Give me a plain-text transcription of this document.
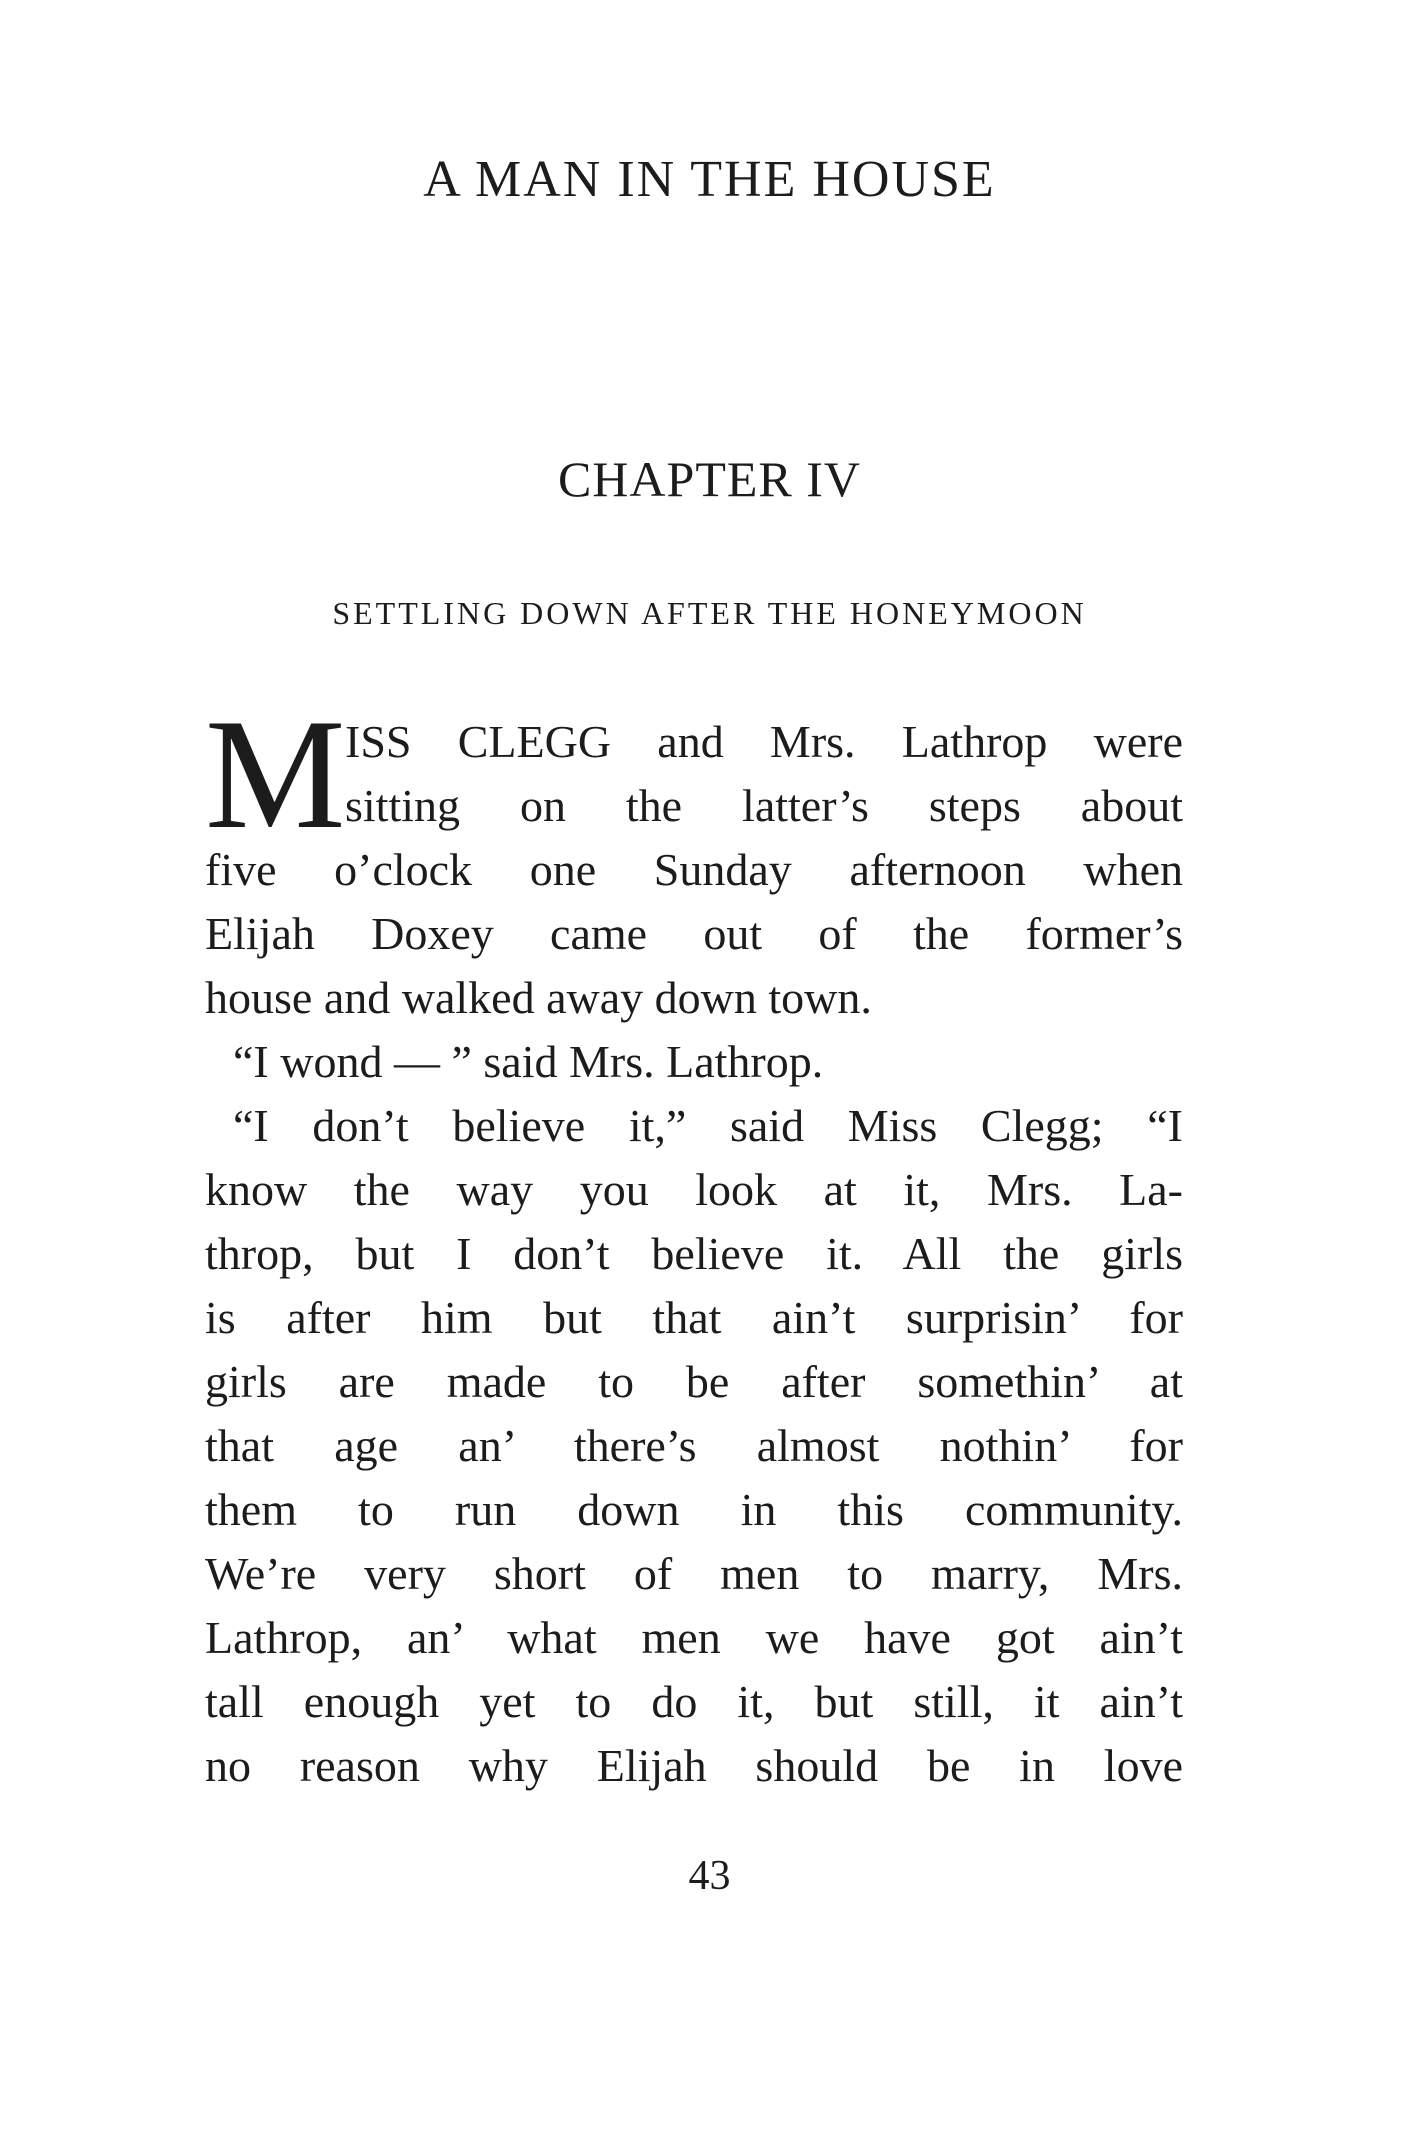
A MAN IN THE HOUSE
CHAPTER IV
SETTLING DOWN AFTER THE HONEYMOON
M ISS CLEGG and Mrs. Lathrop were
sitting on the latter’s steps about
five o’clock one Sunday afternoon when
Elijah Doxey came out of the former’s
house and walked away down town.
“I wond — ” said Mrs. Lathrop.
“I don’t believe it,” said Miss Clegg; “I
know the way you look at it, Mrs. La-
throp, but I don’t believe it. All the girls
is after him but that ain’t surprisin’ for
girls are made to be after somethin’ at
that age an’ there’s almost nothin’ for
them to run down in this community.
We’re very short of men to marry, Mrs.
Lathrop, an’ what men we have got ain’t
tall enough yet to do it, but still, it ain’t
no reason why Elijah should be in love
43
